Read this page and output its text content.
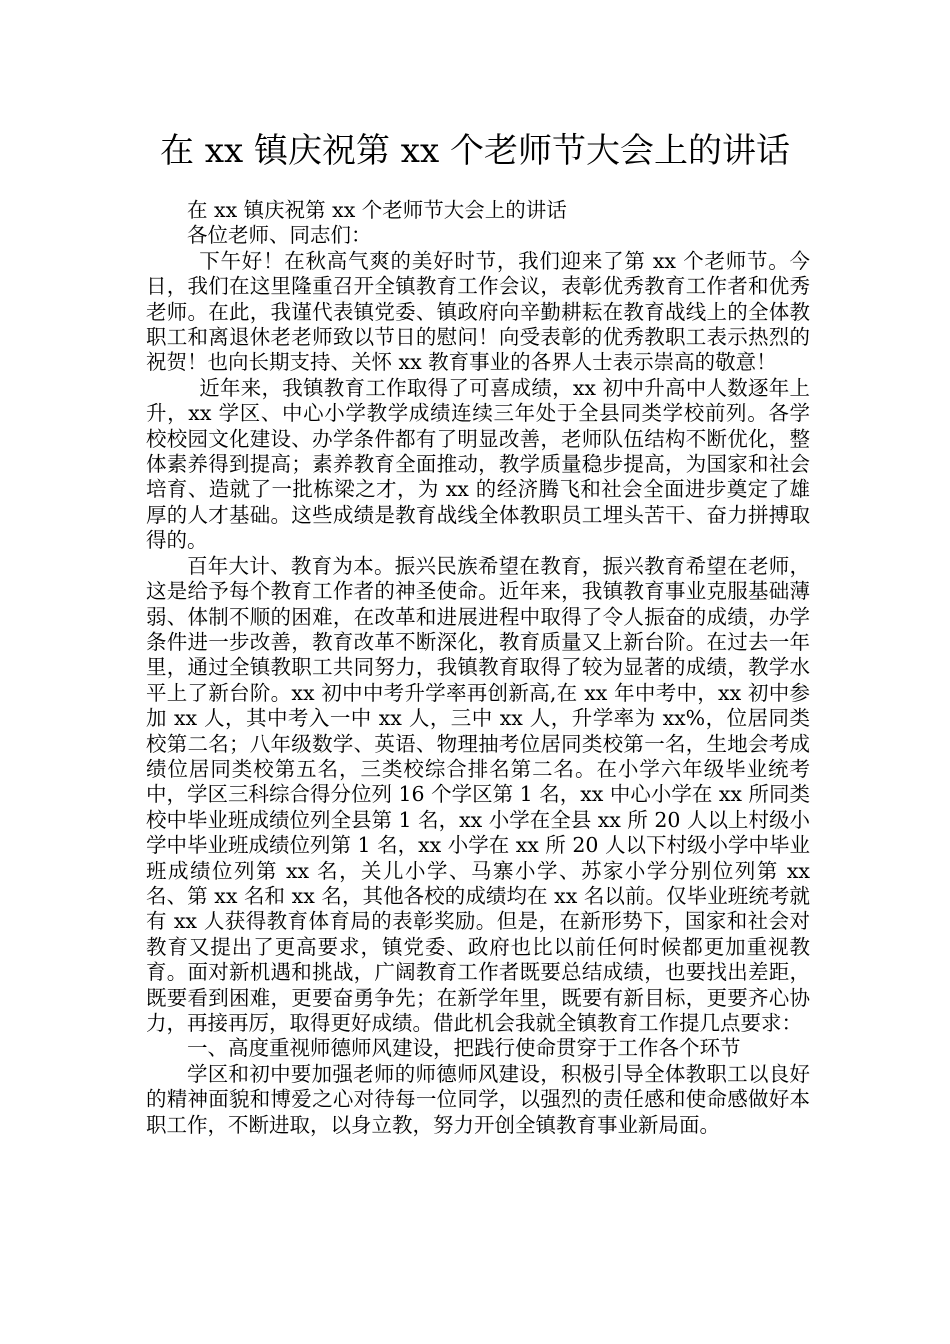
在 xx 镇庆祝第 xx 个老师节大会上的讲话

在 xx 镇庆祝第 xx 个老师节大会上的讲话

各位老师、同志们：

下午好！在秋高气爽的美好时节，我们迎来了第 xx 个老师节。今日，我们在这里隆重召开全镇教育工作会议，表彰优秀教育工作者和优秀老师。在此，我谨代表镇党委、镇政府向辛勤耕耘在教育战线上的全体教职工和离退休老老师致以节日的慰问！向受表彰的优秀教职工表示热烈的祝贺！也向长期支持、关怀 xx 教育事业的各界人士表示崇高的敬意！

近年来，我镇教育工作取得了可喜成绩，xx 初中升高中人数逐年上升，xx 学区、中心小学教学成绩连续三年处于全县同类学校前列。各学校校园文化建设、办学条件都有了明显改善，老师队伍结构不断优化，整体素养得到提高；素养教育全面推动，教学质量稳步提高，为国家和社会培育、造就了一批栋梁之才，为 xx 的经济腾飞和社会全面进步奠定了雄厚的人才基础。这些成绩是教育战线全体教职员工埋头苦干、奋力拼搏取得的。

百年大计、教育为本。振兴民族希望在教育，振兴教育希望在老师，这是给予每个教育工作者的神圣使命。近年来，我镇教育事业克服基础薄弱、体制不顺的困难，在改革和进展进程中取得了令人振奋的成绩，办学条件进一步改善，教育改革不断深化，教育质量又上新台阶。在过去一年里，通过全镇教职工共同努力，我镇教育取得了较为显著的成绩，教学水平上了新台阶。xx 初中中考升学率再创新高,在 xx 年中考中，xx 初中参加 xx 人，其中考入一中 xx 人，三中 xx 人，升学率为 xx%，位居同类校第二名；八年级数学、英语、物理抽考位居同类校第一名，生地会考成绩位居同类校第五名，三类校综合排名第二名。在小学六年级毕业统考中，学区三科综合得分位列 16 个学区第 1 名，xx 中心小学在 xx 所同类校中毕业班成绩位列全县第 1 名，xx 小学在全县 xx 所 20 人以上村级小学中毕业班成绩位列第 1 名，xx 小学在 xx 所 20 人以下村级小学中毕业班成绩位列第 xx 名，关儿小学、马寨小学、苏家小学分别位列第 xx 名、第 xx 名和 xx 名，其他各校的成绩均在 xx 名以前。仅毕业班统考就有 xx 人获得教育体育局的表彰奖励。但是，在新形势下，国家和社会对教育又提出了更高要求，镇党委、政府也比以前任何时候都更加重视教育。面对新机遇和挑战，广阔教育工作者既要总结成绩，也要找出差距，既要看到困难，更要奋勇争先；在新学年里，既要有新目标，更要齐心协力，再接再厉，取得更好成绩。借此机会我就全镇教育工作提几点要求：

一、高度重视师德师风建设，把践行使命贯穿于工作各个环节

学区和初中要加强老师的师德师风建设，积极引导全体教职工以良好的精神面貌和博爱之心对待每一位同学，以强烈的责任感和使命感做好本职工作，不断进取，以身立教，努力开创全镇教育事业新局面。
